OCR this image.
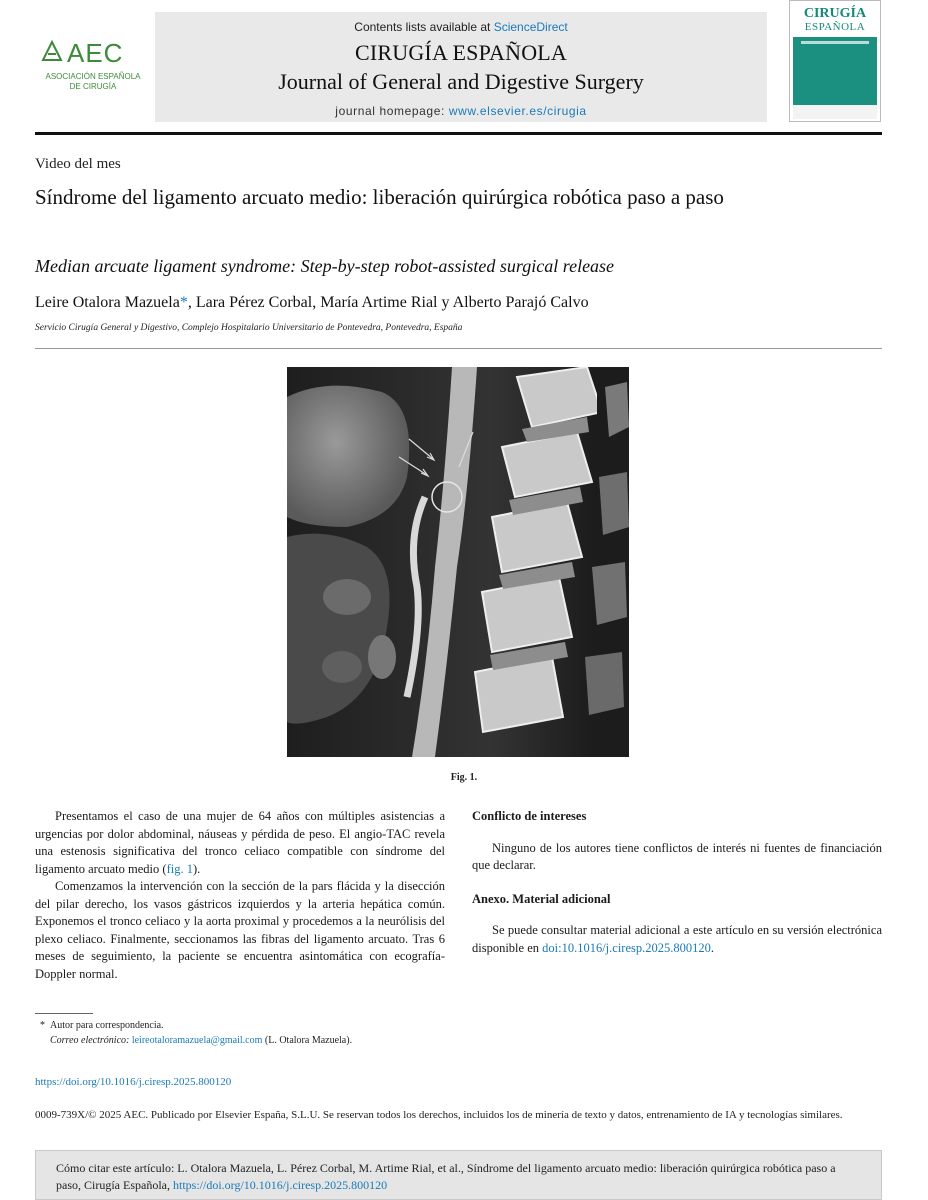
AEC
ASOCIACIÓN ESPAÑOLA
DE CIRUGÍA
Contents lists available at ScienceDirect
CIRUGÍA ESPAÑOLA
Journal of General and Digestive Surgery
journal homepage: www.elsevier.es/cirugia
CIRUGÍA
ESPAÑOLA
Video del mes
Síndrome del ligamento arcuato medio: liberación quirúrgica robótica paso a paso
Median arcuate ligament syndrome: Step-by-step robot-assisted surgical release
Leire Otalora Mazuela*, Lara Pérez Corbal, María Artime Rial y Alberto Parajó Calvo
Servicio Cirugía General y Digestivo, Complejo Hospitalario Universitario de Pontevedra, Pontevedra, España
Fig. 1.

Presentamos el caso de una mujer de 64 años con múltiples asistencias a urgencias por dolor abdominal, náuseas y pérdida de peso. El angio-TAC revela una estenosis significativa del tronco celiaco compatible con síndrome del ligamento arcuato medio (fig. 1).

Comenzamos la intervención con la sección de la pars flácida y la disección del pilar derecho, los vasos gástricos izquierdos y la arteria hepática común. Exponemos el tronco celiaco y la aorta proximal y procedemos a la neurólisis del plexo celiaco. Finalmente, seccionamos las fibras del ligamento arcuato. Tras 6 meses de seguimiento, la paciente se encuentra asintomática con ecografía-Doppler normal.

Conflicto de intereses

Ninguno de los autores tiene conflictos de interés ni fuentes de financiación que declarar.

Anexo. Material adicional

Se puede consultar material adicional a este artículo en su versión electrónica disponible en doi:10.1016/j.ciresp.2025.800120.

* Autor para correspondencia.
Correo electrónico: leireotaloramazuela@gmail.com (L. Otalora Mazuela).
https://doi.org/10.1016/j.ciresp.2025.800120
0009-739X/© 2025 AEC. Publicado por Elsevier España, S.L.U. Se reservan todos los derechos, incluidos los de minería de texto y datos, entrenamiento de IA y tecnologías similares.
Cómo citar este artículo: L. Otalora Mazuela, L. Pérez Corbal, M. Artime Rial, et al., Síndrome del ligamento arcuato medio: liberación quirúrgica robótica paso a paso, Cirugía Española, https://doi.org/10.1016/j.ciresp.2025.800120
